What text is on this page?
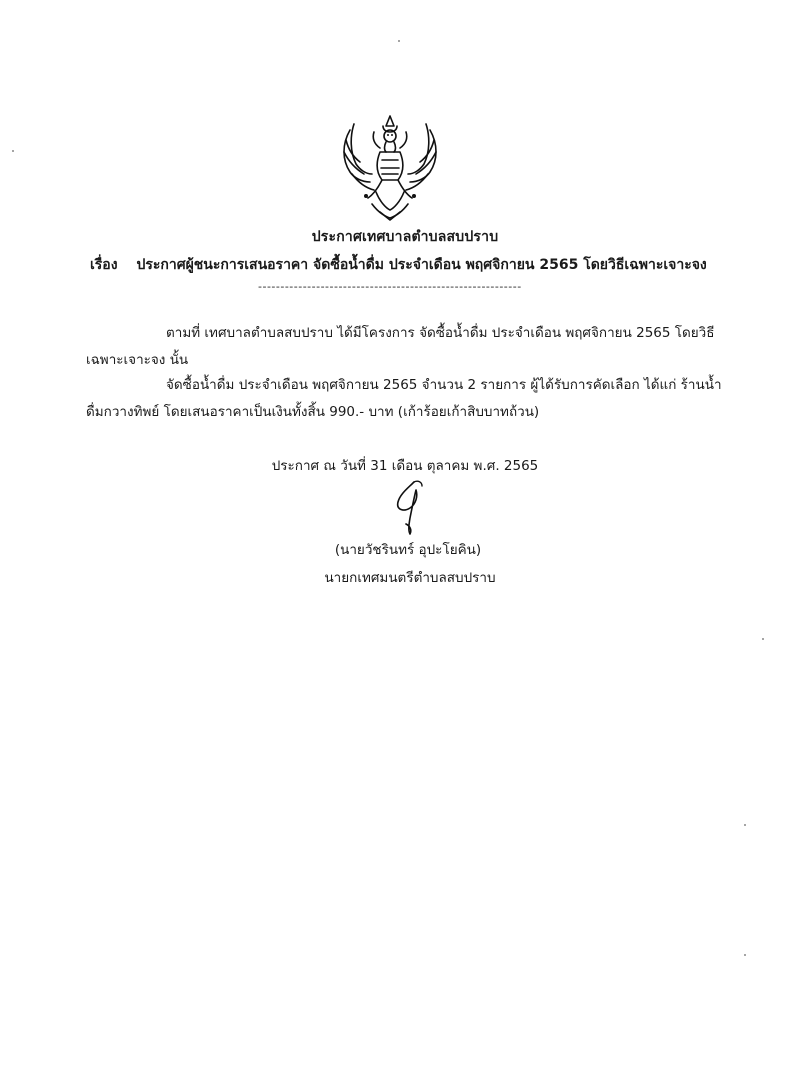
ประกาศเทศบาลตำบลสบปราบ
เรื่อง ประกาศผู้ชนะการเสนอราคา จัดซื้อน้ำดื่ม ประจำเดือน พฤศจิกายน 2565 โดยวิธีเฉพาะเจาะจง
-----------------------------------------------------------
ตามที่ เทศบาลตำบลสบปราบ ได้มีโครงการ จัดซื้อน้ำดื่ม ประจำเดือน พฤศจิกายน 2565 โดยวิธีเฉพาะเจาะจง นั้น
จัดซื้อน้ำดื่ม ประจำเดือน พฤศจิกายน 2565 จำนวน 2 รายการ ผู้ได้รับการคัดเลือก ได้แก่ ร้านน้ำดื่มกวางทิพย์ โดยเสนอราคาเป็นเงินทั้งสิ้น 990.- บาท (เก้าร้อยเก้าสิบบาทถ้วน)
ประกาศ ณ วันที่ 31 เดือน ตุลาคม พ.ศ. 2565
(นายวัชรินทร์ อุปะโยคิน)
นายกเทศมนตรีตำบลสบปราบ
